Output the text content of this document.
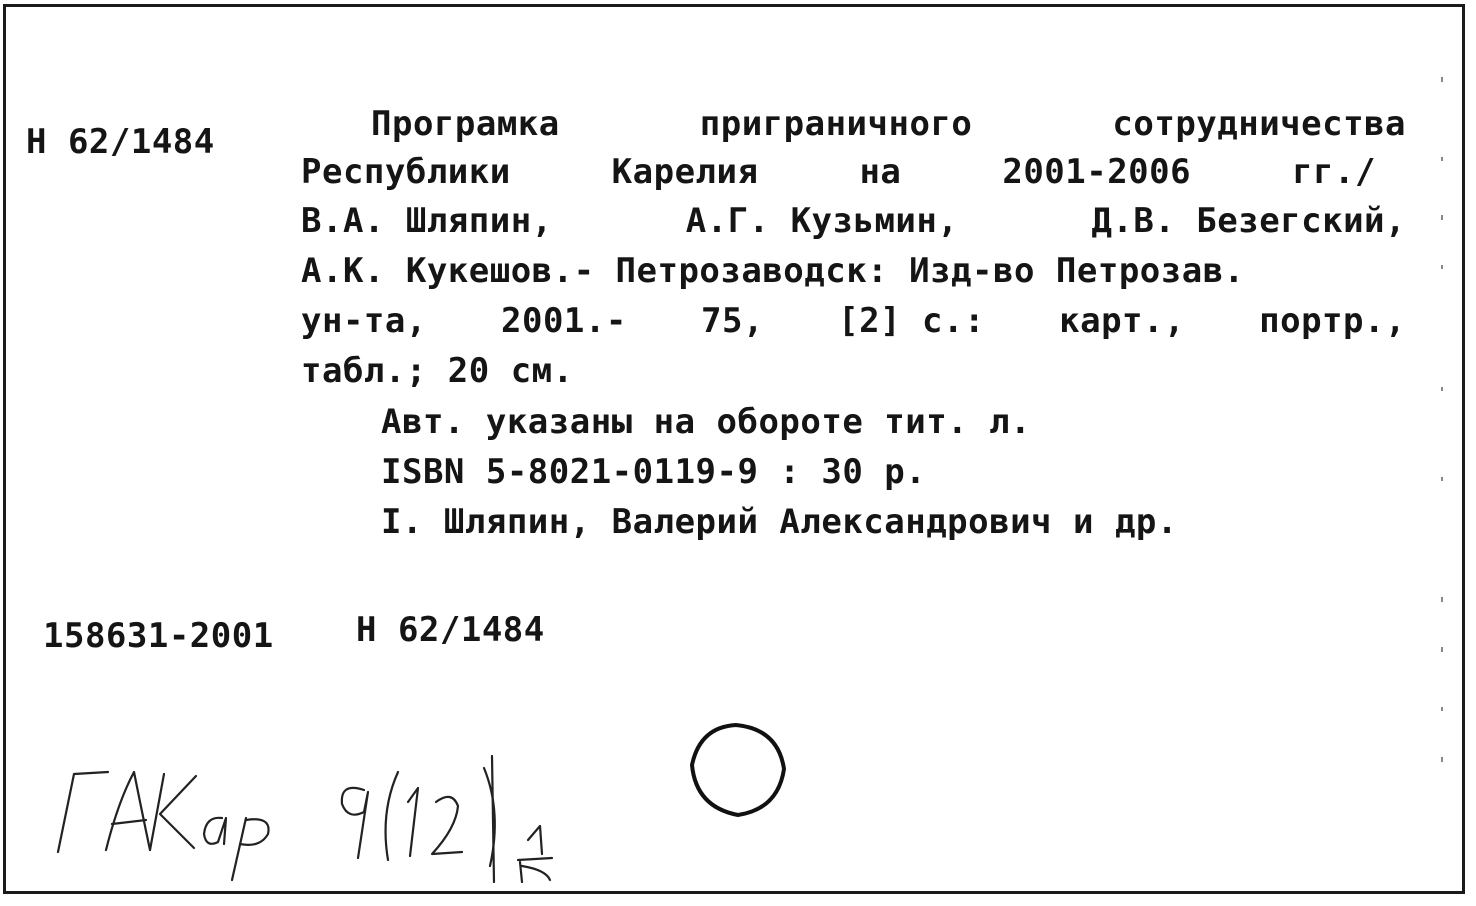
Н 62/1484	Програмка	приграничного	сотрудничества
Республики	Карелия	на	2001-2006	гг./
В.А. Шляпин,	А.Г. Кузьмин,	Д.В. Безегский,
А.К. Кукешов.- Петрозаводск: Изд-во Петрозав.
ун-та, 2001.- 75, [2] с.: карт., портр.,
табл.; 20 см.
Авт. указаны на обороте тит. л.
ISBN 5-8021-0119-9 : 30 р.
I. Шляпин, Валерий Александрович и др.
158631-2001 Н 62/1484
